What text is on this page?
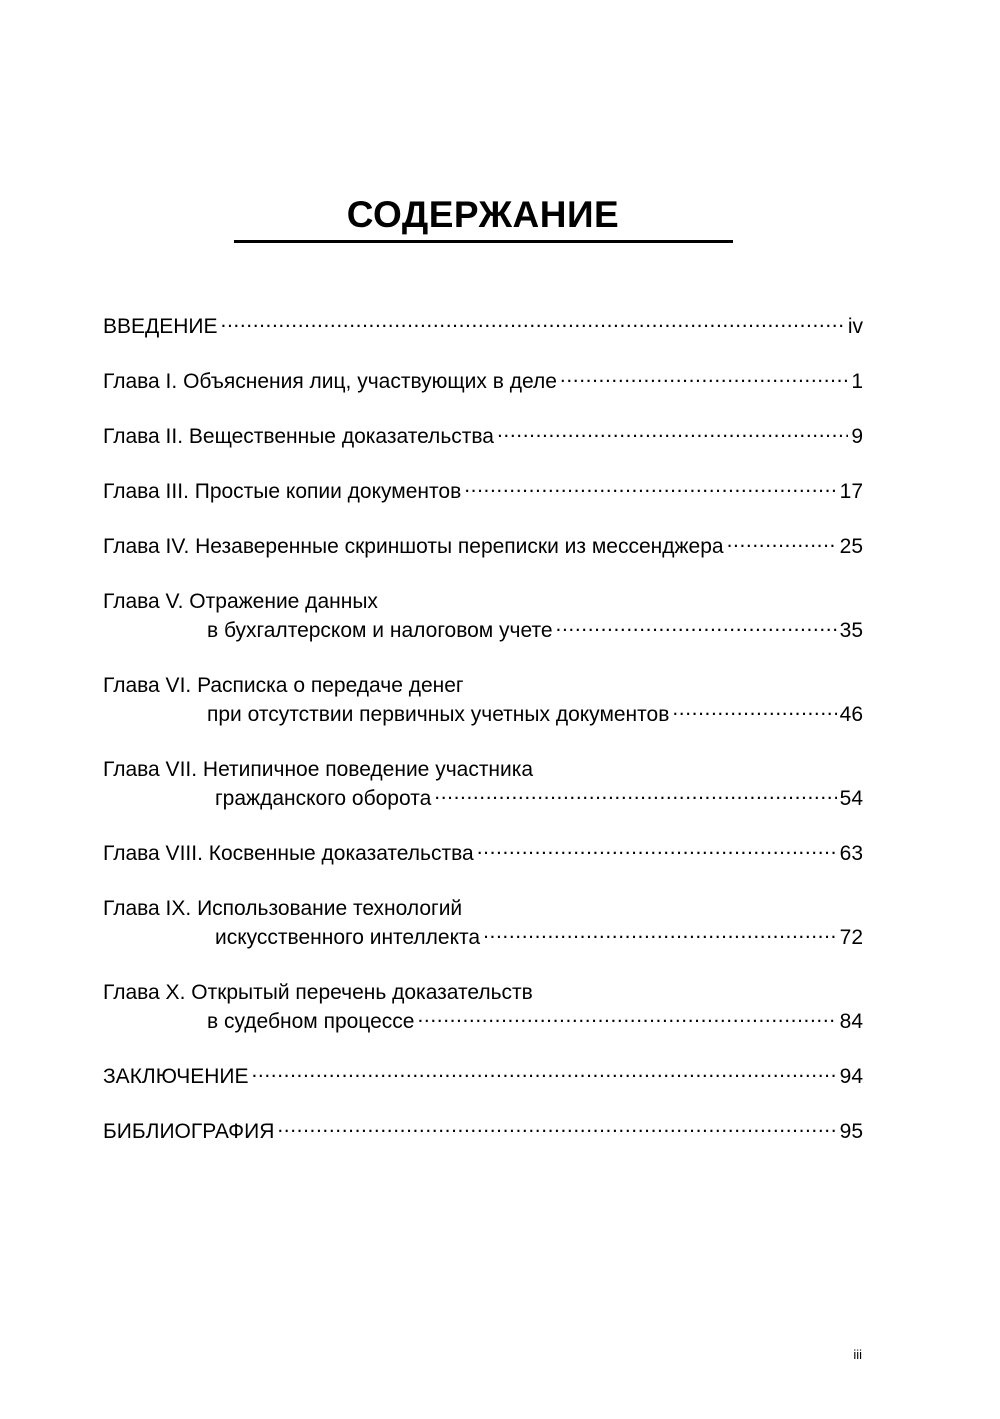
СОДЕРЖАНИЕ
ВВЕДЕНИЕ .....	iv
Глава I. Объяснения лиц, участвующих в деле .....	1
Глава II. Вещественные доказательства .....	9
Глава III. Простые копии документов .....	17
Глава IV. Незаверенные скриншоты переписки из мессенджера .....	25
Глава V. Отражение данных
в бухгалтерском и налоговом учете .....	35
Глава VI. Расписка о передаче денег
при отсутствии первичных учетных документов .....	46
Глава VII. Нетипичное поведение участника
гражданского оборота .....	54
Глава VIII. Косвенные доказательства .....	63
Глава IX. Использование технологий
искусственного интеллекта .....	72
Глава X. Открытый перечень доказательств
в судебном процессе .....	84
ЗАКЛЮЧЕНИЕ .....	94
БИБЛИОГРАФИЯ .....	95
iii
